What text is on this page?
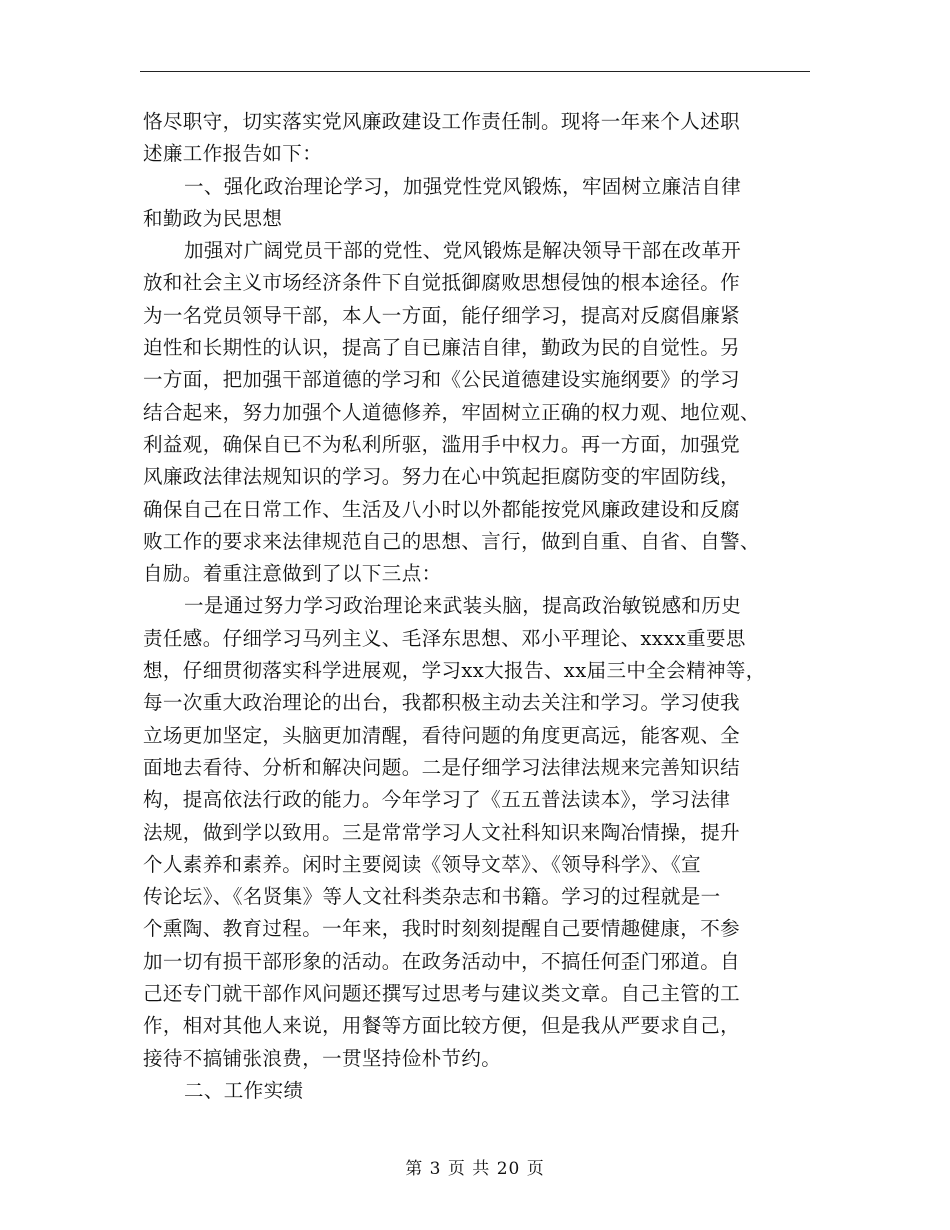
恪尽职守，切实落实党风廉政建设工作责任制。现将一年来个人述职
述廉工作报告如下：
一、强化政治理论学习，加强党性党风锻炼，牢固树立廉洁自律
和勤政为民思想
加强对广阔党员干部的党性、党风锻炼是解决领导干部在改革开
放和社会主义市场经济条件下自觉抵御腐败思想侵蚀的根本途径。作
为一名党员领导干部，本人一方面，能仔细学习，提高对反腐倡廉紧
迫性和长期性的认识，提高了自已廉洁自律，勤政为民的自觉性。另
一方面，把加强干部道德的学习和《公民道德建设实施纲要》的学习
结合起来，努力加强个人道德修养，牢固树立正确的权力观、地位观、
利益观，确保自已不为私利所驱，滥用手中权力。再一方面，加强党
风廉政法律法规知识的学习。努力在心中筑起拒腐防变的牢固防线，
确保自己在日常工作、生活及八小时以外都能按党风廉政建设和反腐
败工作的要求来法律规范自己的思想、言行，做到自重、自省、自警、
自励。着重注意做到了以下三点：
一是通过努力学习政治理论来武装头脑，提高政治敏锐感和历史
责任感。仔细学习马列主义、毛泽东思想、邓小平理论、xxxx重要思
想，仔细贯彻落实科学进展观，学习xx大报告、xx届三中全会精神等，
每一次重大政治理论的出台，我都积极主动去关注和学习。学习使我
立场更加坚定，头脑更加清醒，看待问题的角度更高远，能客观、全
面地去看待、分析和解决问题。二是仔细学习法律法规来完善知识结
构，提高依法行政的能力。今年学习了《五五普法读本》，学习法律
法规，做到学以致用。三是常常学习人文社科知识来陶冶情操，提升
个人素养和素养。闲时主要阅读《领导文萃》、《领导科学》、《宣
传论坛》、《名贤集》等人文社科类杂志和书籍。学习的过程就是一
个熏陶、教育过程。一年来，我时时刻刻提醒自己要情趣健康，不参
加一切有损干部形象的活动。在政务活动中，不搞任何歪门邪道。自
己还专门就干部作风问题还撰写过思考与建议类文章。自己主管的工
作，相对其他人来说，用餐等方面比较方便，但是我从严要求自己，
接待不搞铺张浪费，一贯坚持俭朴节约。
二、工作实绩
第 3 页 共 20 页
